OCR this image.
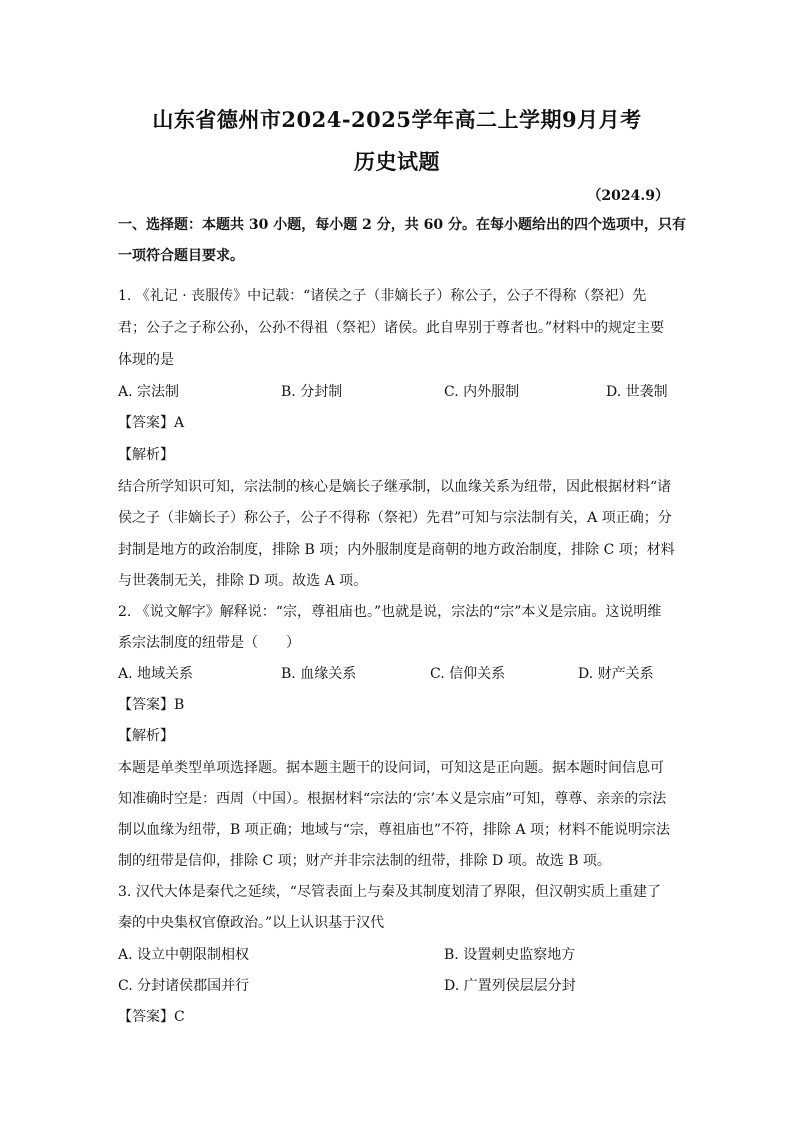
山东省德州市2024-2025学年高二上学期9月月考
历史试题
（2024.9）
一、选择题：本题共 30 小题，每小题 2 分，共 60 分。在每小题给出的四个选项中，只有
一项符合题目要求。
1. 《礼记 · 丧服传》中记载：“诸侯之子（非嫡长子）称公子，公子不得称（祭祀）先
君；公子之子称公孙，公孙不得祖（祭祀）诸侯。此自卑别于尊者也。”材料中的规定主要
体现的是
A. 宗法制	B. 分封制	C. 内外服制	D. 世袭制
【答案】A
【解析】
结合所学知识可知，宗法制的核心是嫡长子继承制，以血缘关系为纽带，因此根据材料“诸
侯之子（非嫡长子）称公子，公子不得称（祭祀）先君”可知与宗法制有关，A 项正确；分
封制是地方的政治制度，排除 B 项；内外服制度是商朝的地方政治制度，排除 C 项；材料
与世袭制无关，排除 D 项。故选 A 项。
2. 《说文解字》解释说：“宗，尊祖庙也。”也就是说，宗法的“宗”本义是宗庙。这说明维
系宗法制度的纽带是（　　）
A. 地域关系	B. 血缘关系	C. 信仰关系	D. 财产关系
【答案】B
【解析】
本题是单类型单项选择题。据本题主题干的设问词，可知这是正向题。据本题时间信息可
知准确时空是：西周（中国）。根据材料“宗法的‘宗’本义是宗庙”可知，尊尊、亲亲的宗法
制以血缘为纽带，B 项正确；地域与“宗，尊祖庙也”不符，排除 A 项；材料不能说明宗法
制的纽带是信仰，排除 C 项；财产并非宗法制的纽带，排除 D 项。故选 B 项。
3. 汉代大体是秦代之延续，“尽管表面上与秦及其制度划清了界限，但汉朝实质上重建了
秦的中央集权官僚政治。”以上认识基于汉代
A. 设立中朝限制相权	B. 设置刺史监察地方
C. 分封诸侯郡国并行	D. 广置列侯层层分封
【答案】C
